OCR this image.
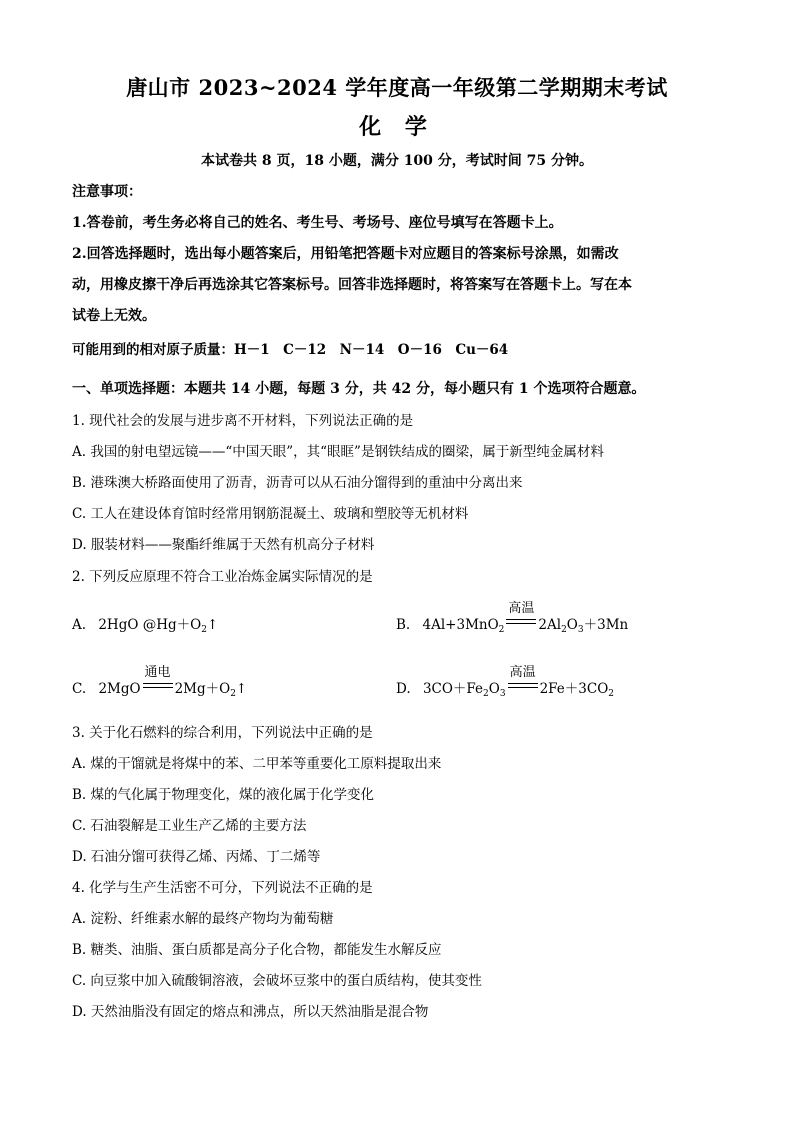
唐山市 2023~2024 学年度高一年级第二学期期末考试
化 学
本试卷共 8 页，18 小题，满分 100 分，考试时间 75 分钟。
注意事项：
1.答卷前，考生务必将自己的姓名、考生号、考场号、座位号填写在答题卡上。
2.回答选择题时，选出每小题答案后，用铅笔把答题卡对应题目的答案标号涂黑，如需改
动，用橡皮擦干净后再选涂其它答案标号。回答非选择题时，将答案写在答题卡上。写在本
试卷上无效。
可能用到的相对原子质量：H－1　C－12　N－14　O－16　Cu－64
一、单项选择题：本题共 14 小题，每题 3 分，共 42 分，每小题只有 1 个选项符合题意。
1. 现代社会的发展与进步离不开材料，下列说法正确的是
A. 我国的射电望远镜——“中国天眼”，其“眼眶”是钢铁结成的圈梁，属于新型纯金属材料
B. 港珠澳大桥路面使用了沥青，沥青可以从石油分馏得到的重油中分离出来
C. 工人在建设体育馆时经常用钢筋混凝土、玻璃和塑胶等无机材料
D. 服装材料——聚酯纤维属于天然有机高分子材料
2. 下列反应原理不符合工业冶炼金属实际情况的是
A. 2HgO $@Hg+O_2↑$	B. 4Al+3MnO$_2$
高温
$2Al_2O_3+3Mn$
C. 2MgO
通电
$2Mg+O_2↑$	D. $3CO+Fe_2O_3$
高温
$2Fe+3CO_2$
3. 关于化石燃料的综合利用，下列说法中正确的是
A. 煤的干馏就是将煤中的苯、二甲苯等重要化工原料提取出来
B. 煤的气化属于物理变化，煤的液化属于化学变化
C. 石油裂解是工业生产乙烯的主要方法
D. 石油分馏可获得乙烯、丙烯、丁二烯等
4. 化学与生产生活密不可分，下列说法不正确的是
A. 淀粉、纤维素水解的最终产物均为葡萄糖
B. 糖类、油脂、蛋白质都是高分子化合物，都能发生水解反应
C. 向豆浆中加入硫酸铜溶液，会破坏豆浆中的蛋白质结构，使其变性
D. 天然油脂没有固定的熔点和沸点，所以天然油脂是混合物
